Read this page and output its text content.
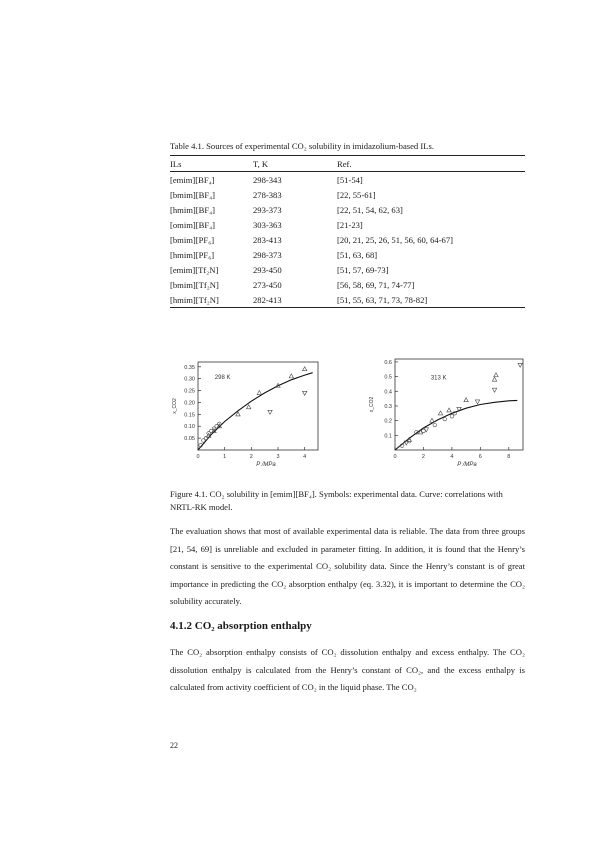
Table 4.1. Sources of experimental CO₂ solubility in imidazolium-based ILs.
ILs	T, K	Ref.
[emim][BF₄]	298-343	[51-54]
[bmim][BF₄]	278-383	[22, 55-61]
[hmim][BF₄]	293-373	[22, 51, 54, 62, 63]
[omim][BF₄]	303-363	[21-23]
[bmim][PF₆]	283-413	[20, 21, 25, 26, 51, 56, 60, 64-67]
[hmim][PF₆]	298-373	[51, 63, 68]
[emim][Tf₂N]	293-450	[51, 57, 69-73]
[bmim][Tf₂N]	273-450	[56, 58, 69, 71, 74-77]
[hmim][Tf₂N]	282-413	[51, 55, 63, 71, 73, 78-82]
0	1	2	3	4
0.05
0.10
0.15
0.20
0.25
0.30
0.35
P /MPa
x_CO2
298 K
0	2	4	6	8
0.1
0.2
0.3
0.4
0.5
0.6
P /MPa
x_CO2
313 K
Figure 4.1. CO₂ solubility in [emim][BF₄]. Symbols: experimental data. Curve: correlations with NRTL-RK model.

The evaluation shows that most of available experimental data is reliable. The data from three groups [21, 54, 69] is unreliable and excluded in parameter fitting. In addition, it is found that the Henry’s constant is sensitive to the experimental CO₂ solubility data. Since the Henry’s constant is of great importance in predicting the CO₂ absorption enthalpy (eq. 3.32), it is important to determine the CO₂ solubility accurately.

4.1.2 CO₂ absorption enthalpy

The CO₂ absorption enthalpy consists of CO₂ dissolution enthalpy and excess enthalpy. The CO₂ dissolution enthalpy is calculated from the Henry’s constant of CO₂, and the excess enthalpy is calculated from activity coefficient of CO₂ in the liquid phase. The CO₂

22
